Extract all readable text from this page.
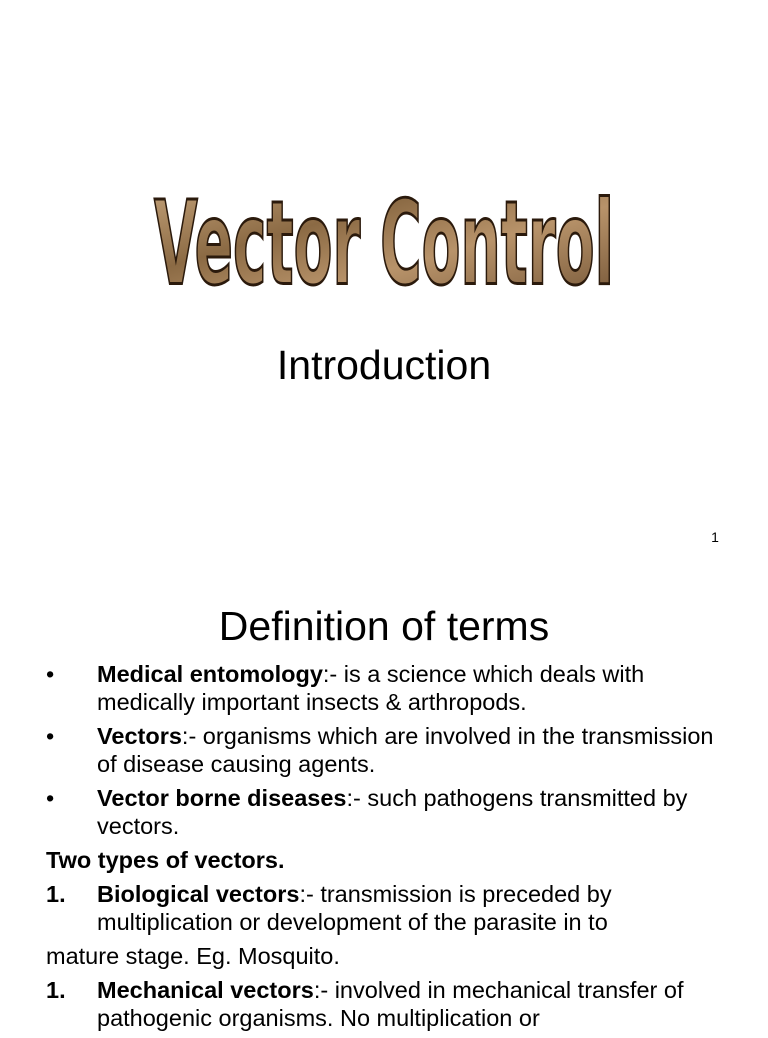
Vector Control
Introduction
1
Definition of terms
•	Medical entomology:- is a science which deals with medically important insects & arthropods.
•	Vectors:- organisms which are involved in the transmission of disease causing agents.
•	Vector borne diseases:- such pathogens transmitted by vectors.
Two types of vectors.
1.	Biological vectors:- transmission is preceded by multiplication or development of the parasite in to
mature stage. Eg. Mosquito.
1.	Mechanical vectors:- involved in mechanical transfer of pathogenic organisms. No multiplication or
